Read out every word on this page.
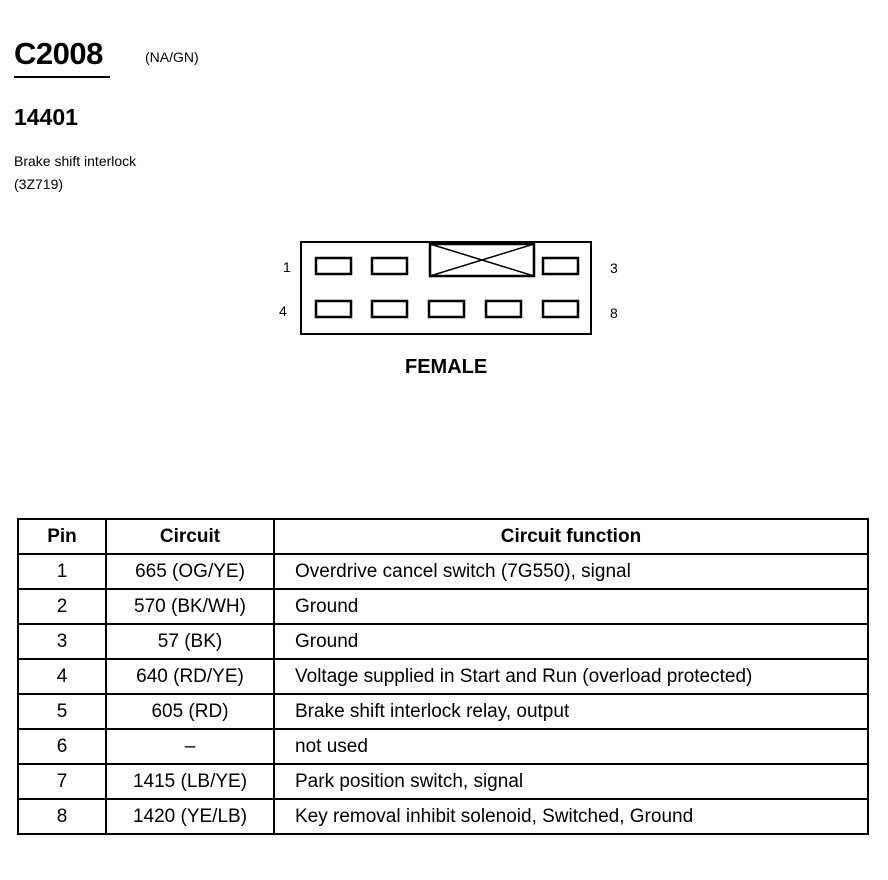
C2008	(NA/GN)
14401
Brake shift interlock
(3Z719)
1	3
4	8
FEMALE
Pin	Circuit	Circuit function
1	665 (OG/YE)	Overdrive cancel switch (7G550), signal
2	570 (BK/WH)	Ground
3	57 (BK)	Ground
4	640 (RD/YE)	Voltage supplied in Start and Run (overload protected)
5	605 (RD)	Brake shift interlock relay, output
6	–	not used
7	1415 (LB/YE)	Park position switch, signal
8	1420 (YE/LB)	Key removal inhibit solenoid, Switched, Ground
